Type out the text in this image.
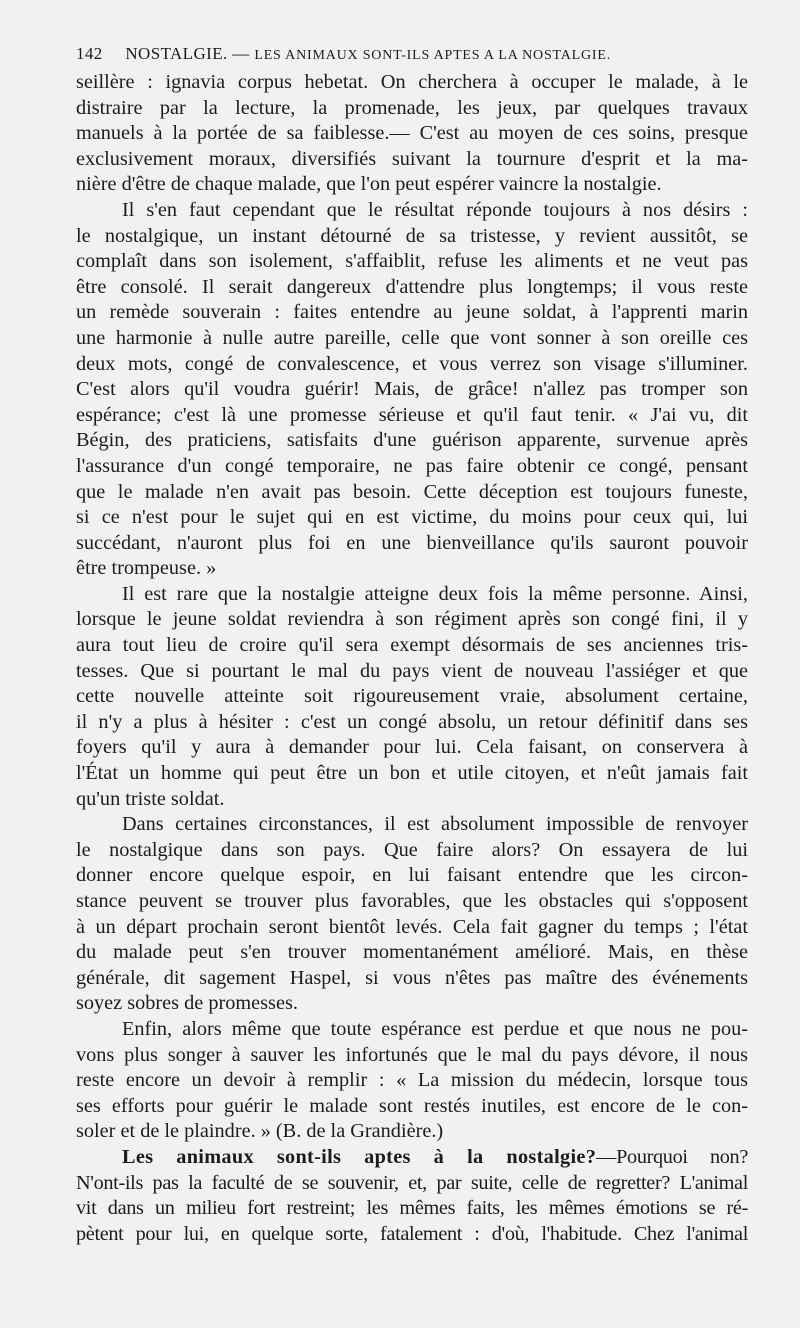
142 NOSTALGIE. — LES ANIMAUX SONT-ILS APTES A LA NOSTALGIE.
seillère : ignavia corpus hebetat. On cherchera à occuper le malade, à le
distraire par la lecture, la promenade, les jeux, par quelques travaux
manuels à la portée de sa faiblesse.— C'est au moyen de ces soins, presque
exclusivement moraux, diversifiés suivant la tournure d'esprit et la ma-
nière d'être de chaque malade, que l'on peut espérer vaincre la nostalgie.
Il s'en faut cependant que le résultat réponde toujours à nos désirs :
le nostalgique, un instant détourné de sa tristesse, y revient aussitôt, se
complaît dans son isolement, s'affaiblit, refuse les aliments et ne veut pas
être consolé. Il serait dangereux d'attendre plus longtemps; il vous reste
un remède souverain : faites entendre au jeune soldat, à l'apprenti marin
une harmonie à nulle autre pareille, celle que vont sonner à son oreille ces
deux mots, congé de convalescence, et vous verrez son visage s'illuminer.
C'est alors qu'il voudra guérir! Mais, de grâce! n'allez pas tromper son
espérance; c'est là une promesse sérieuse et qu'il faut tenir. « J'ai vu, dit
Bégin, des praticiens, satisfaits d'une guérison apparente, survenue après
l'assurance d'un congé temporaire, ne pas faire obtenir ce congé, pensant
que le malade n'en avait pas besoin. Cette déception est toujours funeste,
si ce n'est pour le sujet qui en est victime, du moins pour ceux qui, lui
succédant, n'auront plus foi en une bienveillance qu'ils sauront pouvoir
être trompeuse. »
Il est rare que la nostalgie atteigne deux fois la même personne. Ainsi,
lorsque le jeune soldat reviendra à son régiment après son congé fini, il y
aura tout lieu de croire qu'il sera exempt désormais de ses anciennes tris-
tesses. Que si pourtant le mal du pays vient de nouveau l'assiéger et que
cette nouvelle atteinte soit rigoureusement vraie, absolument certaine,
il n'y a plus à hésiter : c'est un congé absolu, un retour définitif dans ses
foyers qu'il y aura à demander pour lui. Cela faisant, on conservera à
l'État un homme qui peut être un bon et utile citoyen, et n'eût jamais fait
qu'un triste soldat.
Dans certaines circonstances, il est absolument impossible de renvoyer
le nostalgique dans son pays. Que faire alors? On essayera de lui
donner encore quelque espoir, en lui faisant entendre que les circon-
stance peuvent se trouver plus favorables, que les obstacles qui s'opposent
à un départ prochain seront bientôt levés. Cela fait gagner du temps ; l'état
du malade peut s'en trouver momentanément amélioré. Mais, en thèse
générale, dit sagement Haspel, si vous n'êtes pas maître des événements
soyez sobres de promesses.
Enfin, alors même que toute espérance est perdue et que nous ne pou-
vons plus songer à sauver les infortunés que le mal du pays dévore, il nous
reste encore un devoir à remplir : « La mission du médecin, lorsque tous
ses efforts pour guérir le malade sont restés inutiles, est encore de le con-
soler et de le plaindre. » (B. de la Grandière.)
Les animaux sont-ils aptes à la nostalgie?—Pourquoi non?
N'ont-ils pas la faculté de se souvenir, et, par suite, celle de regretter? L'animal
vit dans un milieu fort restreint; les mêmes faits, les mêmes émotions se ré-
pètent pour lui, en quelque sorte, fatalement : d'où, l'habitude. Chez l'animal
